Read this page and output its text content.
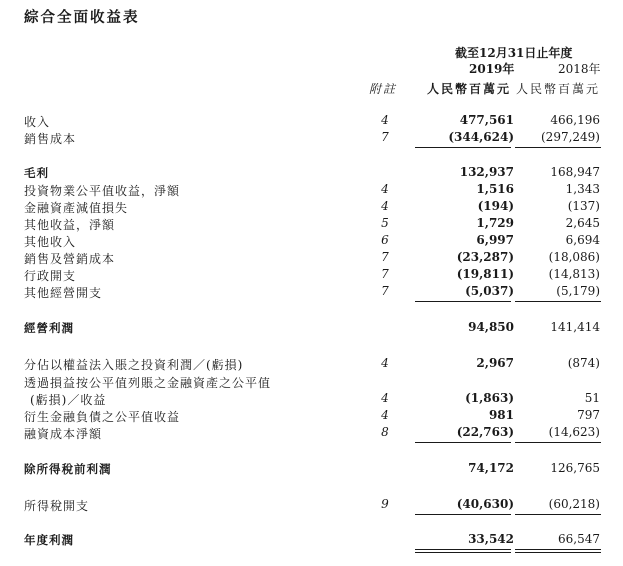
綜合全面收益表
截至12月31日止年度
2019年	2018年
附註 人民幣百萬元 人民幣百萬元
收入	4	477,561	466,196
銷售成本	7	(344,624) (297,249)
毛利	132,937	168,947
投資物業公平值收益，淨額	4	1,516	1,343
金融資產減值損失	4	(194)	(137)
其他收益，淨額	5	1,729	2,645
其他收入	6	6,997	6,694
銷售及營銷成本	7	(23,287)	(18,086)
行政開支	7	(19,811)	(14,813)
其他經營開支	7	(5,037)	(5,179)
經營利潤	94,850	141,414
分佔以權益法入賬之投資利潤／(虧損)	4	2,967	(874)
透過損益按公平值列賬之金融資產之公平值
(虧損)／收益	4	(1,863)	51
衍生金融負債之公平值收益	4	981	797
融資成本淨額	8	(22,763)	(14,623)
除所得稅前利潤	74,172	126,765
所得稅開支	9	(40,630)	(60,218)
年度利潤	33,542	66,547
